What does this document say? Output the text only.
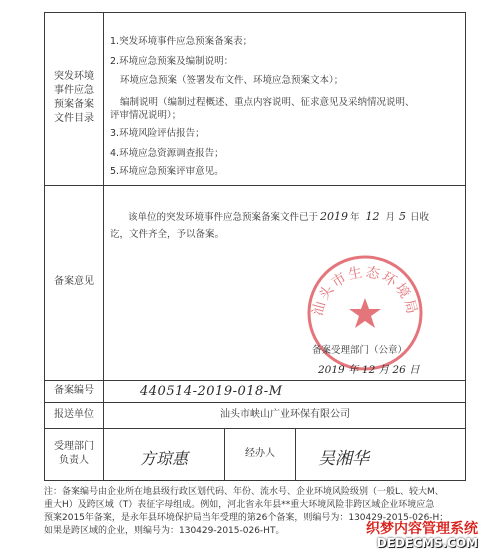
突发环境
事件应急
预案备案
文件目录
1.突发环境事件应急预案备案表；
2.环境应急预案及编制说明：
环境应急预案（签署发布文件、环境应急预案文本）；
编制说明（编制过程概述、重点内容说明、征求意见及采纳情况说明、
评审情况说明）；
3.环境风险评估报告；
4.环境应急资源调查报告；
5.环境应急预案评审意见。
备案意见
该单位的突发环境事件应急预案备案文件已于 2019 年 12 月 5 日收
讫，文件齐全，予以备案。
汕头市生态环境局
备案受理部门（公章）
2019 年 12 月 26 日
备案编号	440514-2019-018-M
报送单位	汕头市峡山广业环保有限公司
受理部门
负责人	方琼惠	经办人	吴湘华
注：备案编号由企业所在地县级行政区划代码、年份、流水号、企业环境风险级别（一般L、较大M、
重大H）及跨区域（T）表征字母组成。例如，河北省永年县**重大环境风险非跨区域企业环境应急
预案2015年备案，是永年县环境保护局当年受理的第26个备案，则编号为：130429-2015-026-H；
如果是跨区域的企业，则编号为：130429-2015-026-HT。	织梦内容管理系统
DEDECMS.COM
